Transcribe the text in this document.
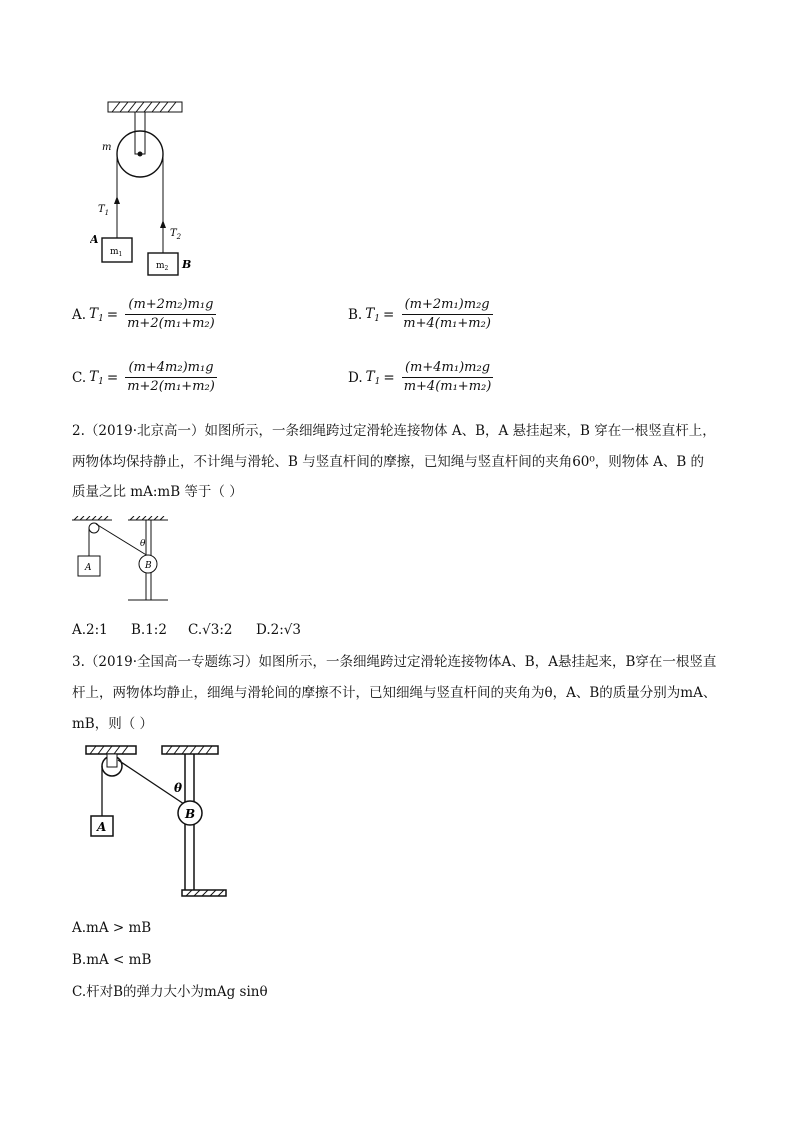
m
$T_1$
$T_2$
A
B
$m_1$
$m_2$
A. $T_1 = \frac{\text{(m+2m₂)m₁g}}{\text{m+2(m₁+m₂)}}$	B. $T_1 = \frac{\text{(m+2m₁)m₂g}}{\text{m+4(m₁+m₂)}}$
C. $T_1 = \frac{\text{(m+4m₂)m₁g}}{\text{m+2(m₁+m₂)}}$	D. $T_1 = \frac{\text{(m+4m₁)m₂g}}{\text{m+4(m₁+m₂)}}$
2.（2019·北京高一）如图所示，一条细绳跨过定滑轮连接物体 A、B，A 悬挂起来，B 穿在一根竖直杆上，
两物体均保持静止，不计绳与滑轮、B 与竖直杆间的摩擦，已知绳与竖直杆间的夹角60⁰，则物体 A、B 的
质量之比 mA:mB 等于（ ）
θ
A	B
A.2:1 B.1:2 C.√3:2 D.2:√3
3.（2019·全国高一专题练习）如图所示，一条细绳跨过定滑轮连接物体A、B，A悬挂起来，B穿在一根竖直
杆上，两物体均静止，细绳与滑轮间的摩擦不计，已知细绳与竖直杆间的夹角为θ，A、B的质量分别为mA、
mB，则（ ）
θ
A
B
A.mA > mB
B.mA < mB
C.杆对B的弹力大小为mAg sinθ
